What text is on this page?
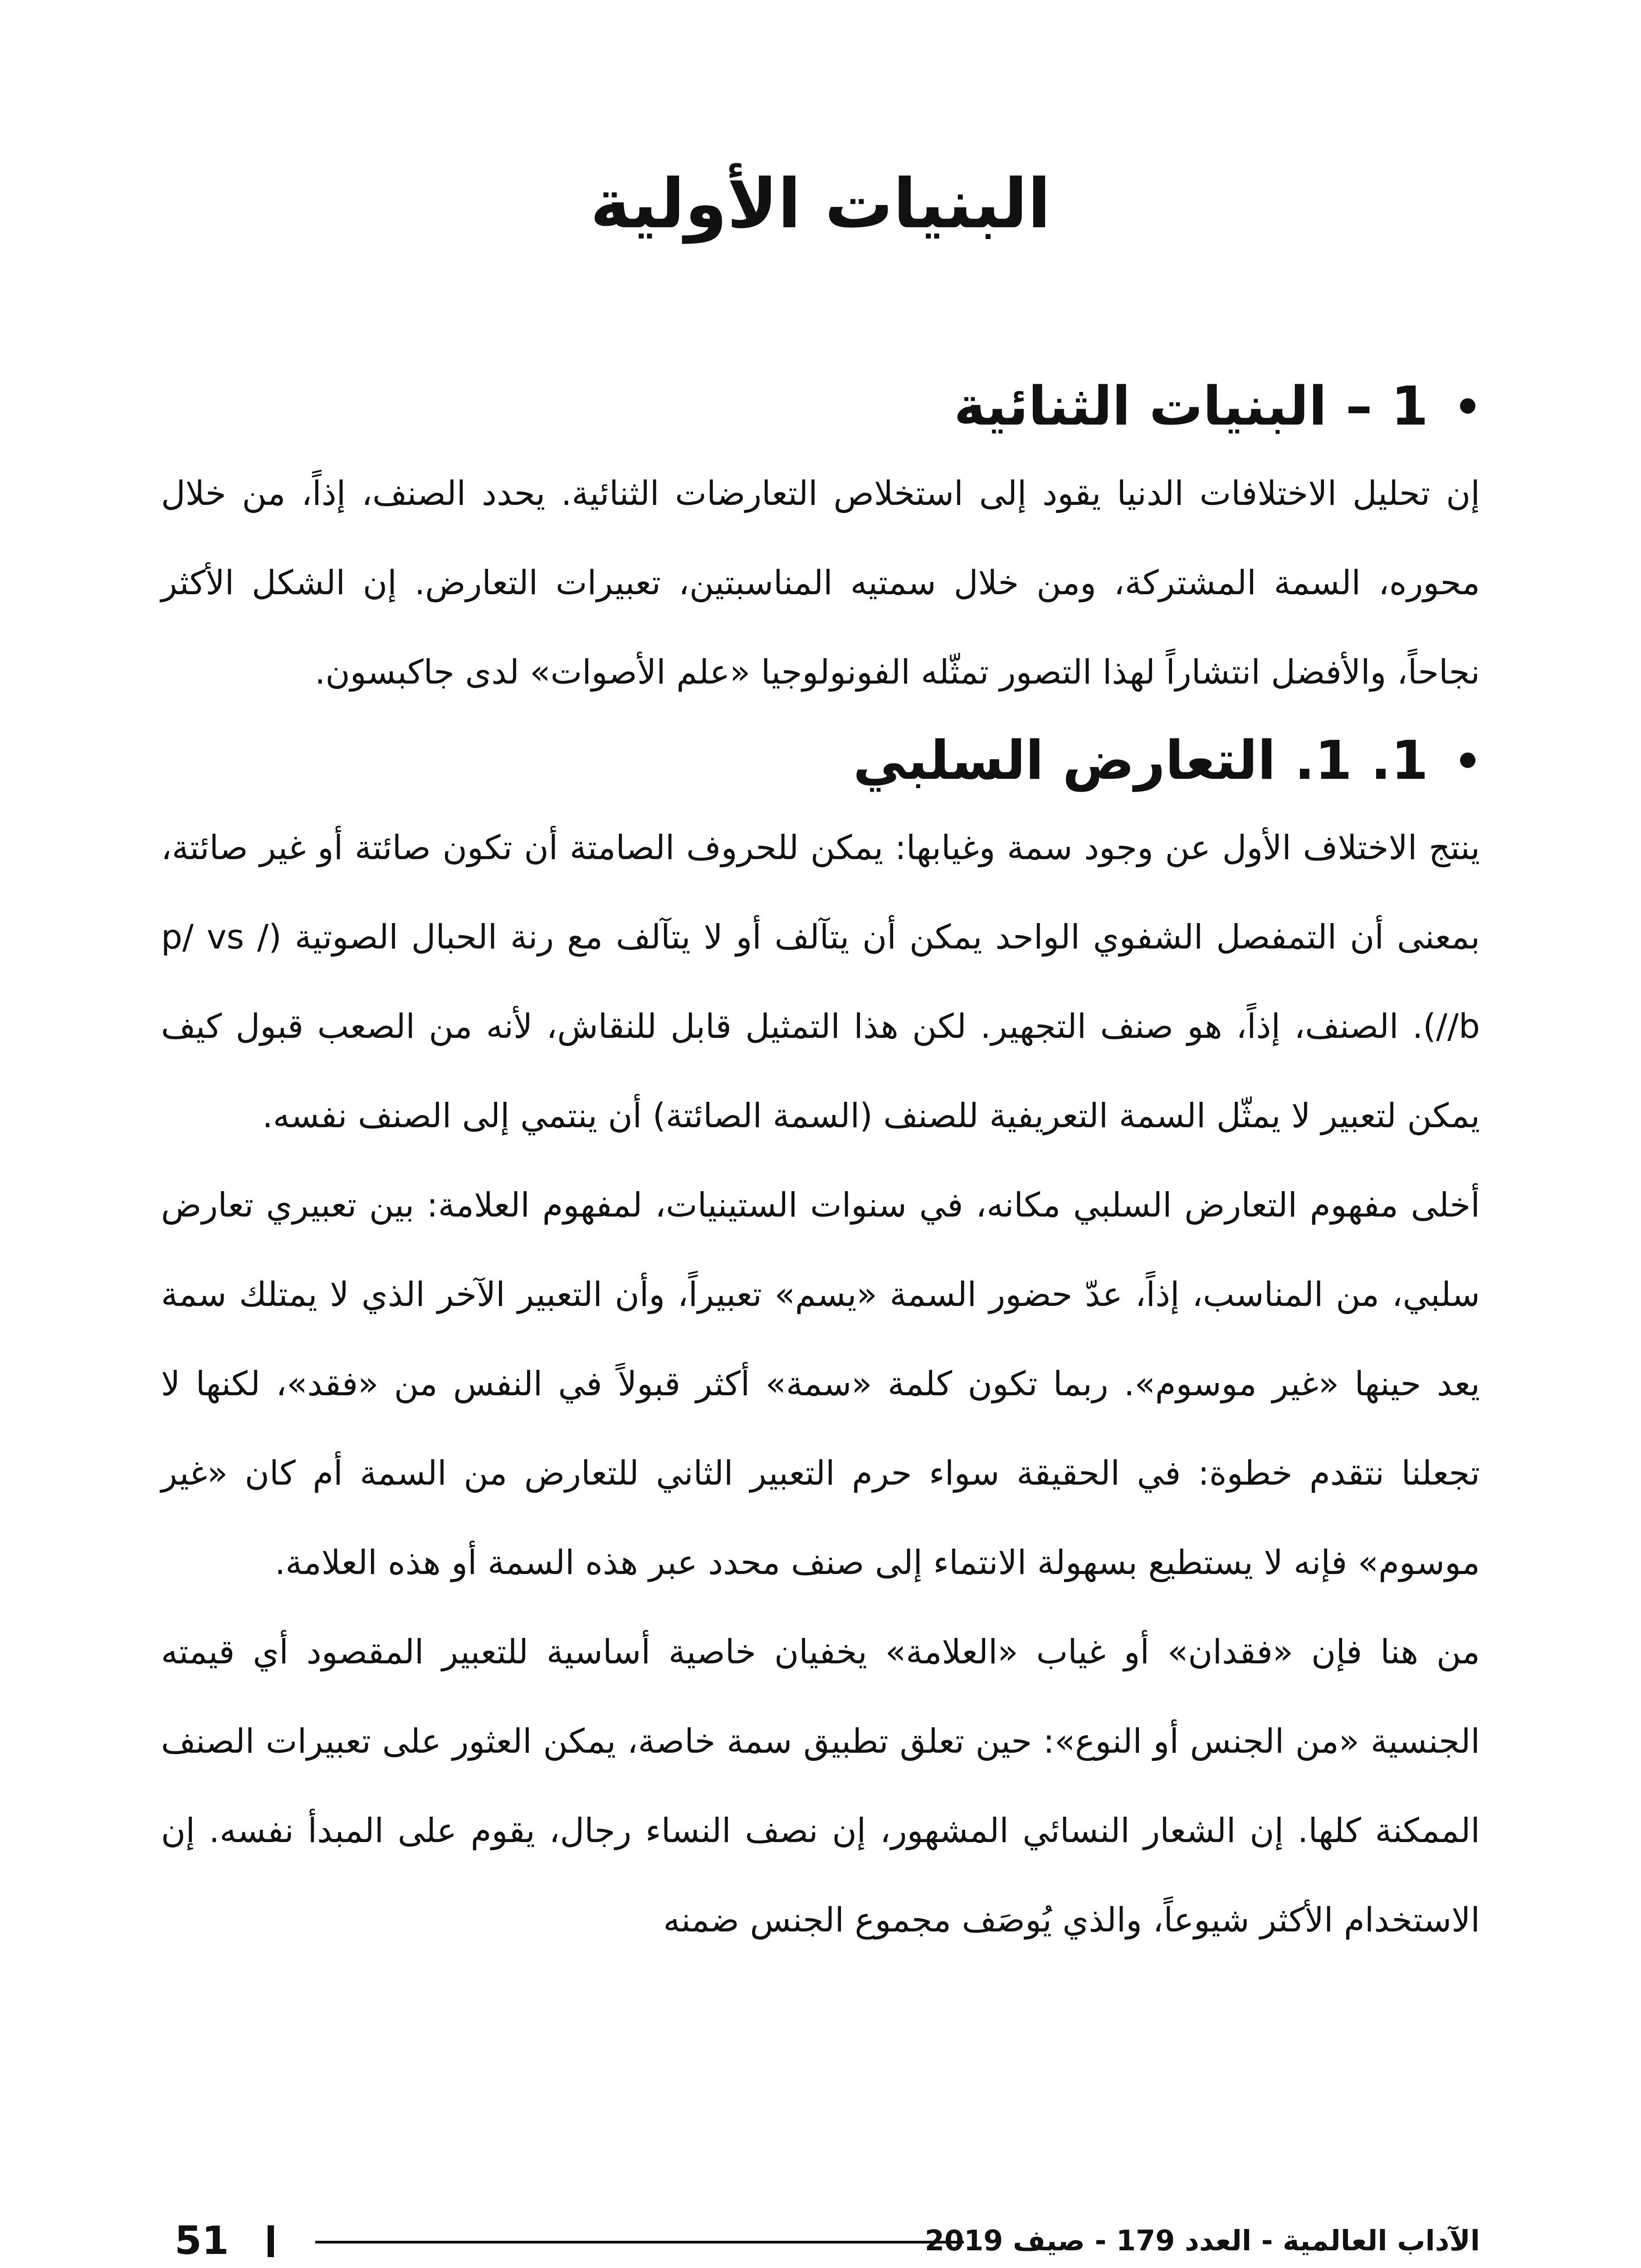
البنيات الأولية
1 – البنيات الثنائية

إن تحليل الاختلافات الدنيا يقود إلى استخلاص التعارضات الثنائية. يحدد الصنف، إذاً، من خلال محوره، السمة المشتركة، ومن خلال سمتيه المناسبتين، تعبيرات التعارض. إن الشكل الأكثر نجاحاً، والأفضل انتشاراً لهذا التصور تمثّله الفونولوجيا «علم الأصوات» لدى جاكبسون.

1. 1. التعارض السلبي

ينتج الاختلاف الأول عن وجود سمة وغيابها: يمكن للحروف الصامتة أن تكون صائتة أو غير صائتة، بمعنى أن التمفصل الشفوي الواحد يمكن أن يتآلف أو لا يتآلف مع رنة الحبال الصوتية (/ p/ vs /b/). الصنف، إذاً، هو صنف التجهير. لكن هذا التمثيل قابل للنقاش، لأنه من الصعب قبول كيف يمكن لتعبير لا يمثّل السمة التعريفية للصنف (السمة الصائتة) أن ينتمي إلى الصنف نفسه.

أخلى مفهوم التعارض السلبي مكانه، في سنوات الستينيات، لمفهوم العلامة: بين تعبيري تعارض سلبي، من المناسب، إذاً، عدّ حضور السمة «يسم» تعبيراً، وأن التعبير الآخر الذي لا يمتلك سمة يعد حينها «غير موسوم». ربما تكون كلمة «سمة» أكثر قبولاً في النفس من «فقد»، لكنها لا تجعلنا نتقدم خطوة: في الحقيقة سواء حرم التعبير الثاني للتعارض من السمة أم كان «غير موسوم» فإنه لا يستطيع بسهولة الانتماء إلى صنف محدد عبر هذه السمة أو هذه العلامة.

من هنا فإن «فقدان» أو غياب «العلامة» يخفيان خاصية أساسية للتعبير المقصود أي قيمته الجنسية «من الجنس أو النوع»: حين تعلق تطبيق سمة خاصة، يمكن العثور على تعبيرات الصنف الممكنة كلها. إن الشعار النسائي المشهور، إن نصف النساء رجال، يقوم على المبدأ نفسه. إن الاستخدام الأكثر شيوعاً، والذي يُوصَف مجموع الجنس ضمنه

51	الآداب العالمية - العدد 179 - صيف 2019
